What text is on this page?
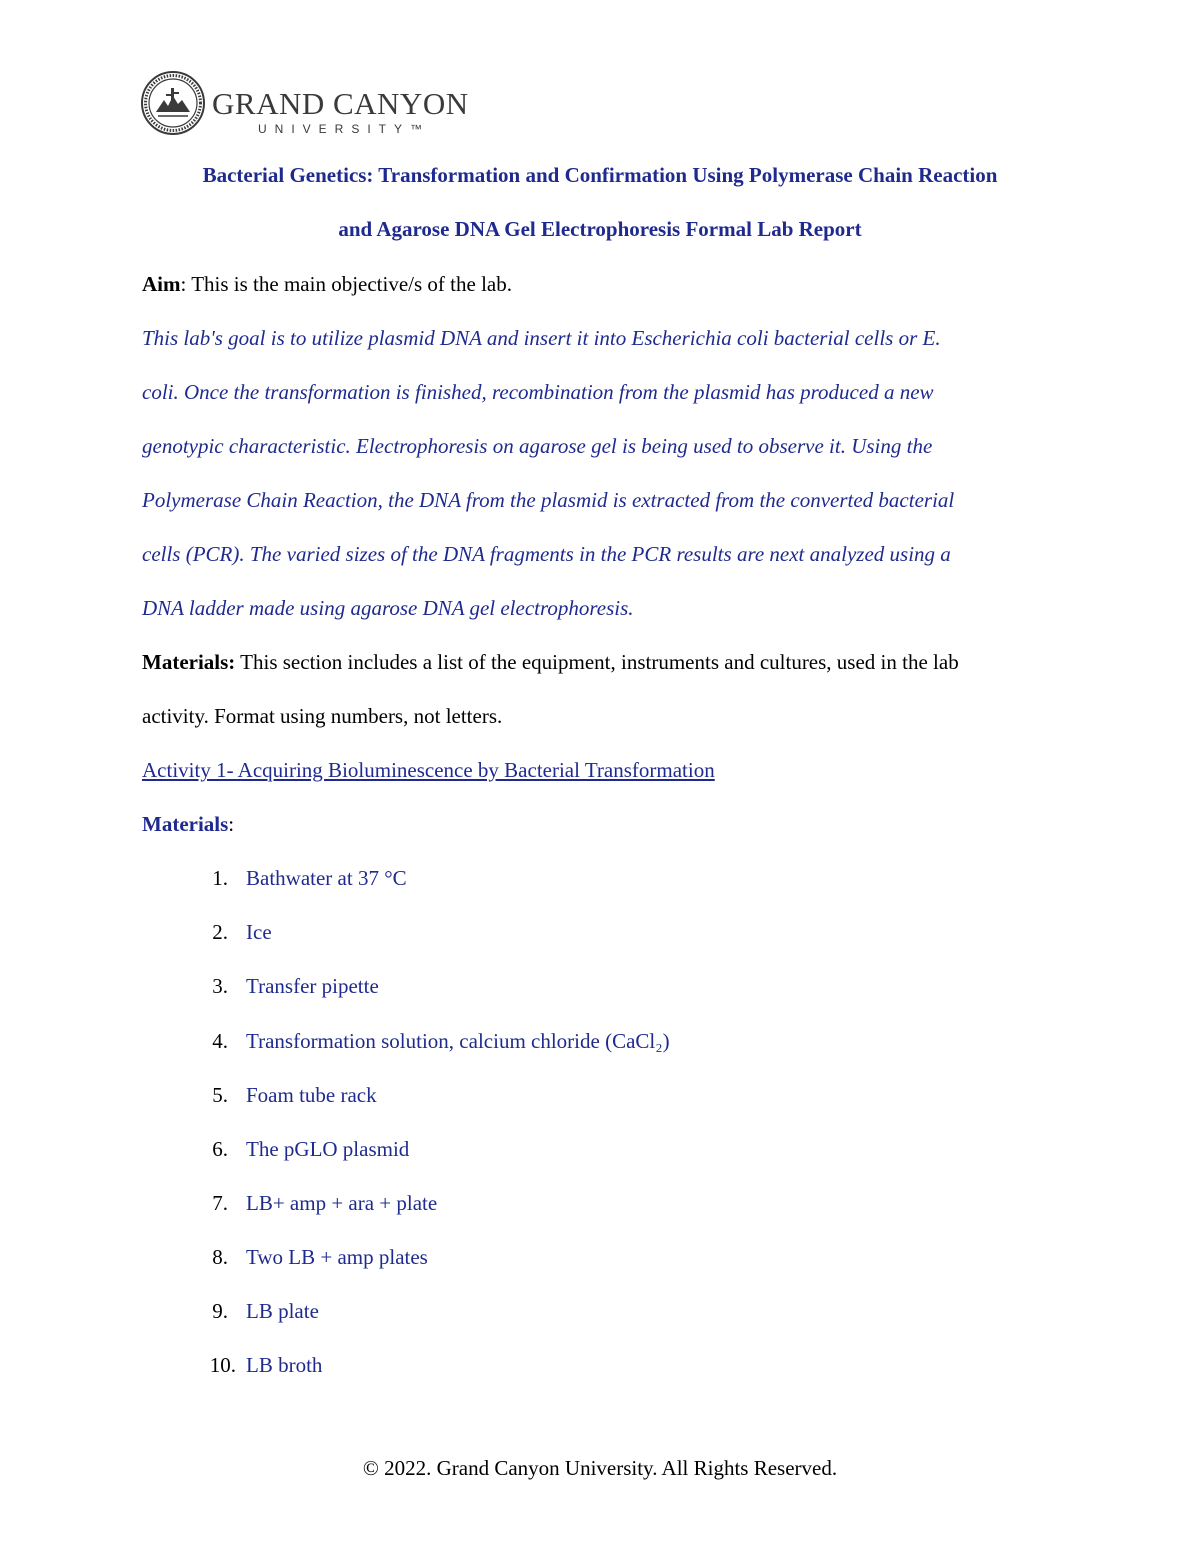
GRAND CANYON
UNIVERSITY™
Bacterial Genetics: Transformation and Confirmation Using Polymerase Chain Reaction
and Agarose DNA Gel Electrophoresis Formal Lab Report
Aim: This is the main objective/s of the lab.
This lab's goal is to utilize plasmid DNA and insert it into Escherichia coli bacterial cells or E.
coli. Once the transformation is finished, recombination from the plasmid has produced a new
genotypic characteristic. Electrophoresis on agarose gel is being used to observe it. Using the
Polymerase Chain Reaction, the DNA from the plasmid is extracted from the converted bacterial
cells (PCR). The varied sizes of the DNA fragments in the PCR results are next analyzed using a
DNA ladder made using agarose DNA gel electrophoresis.
Materials: This section includes a list of the equipment, instruments and cultures, used in the lab
activity. Format using numbers, not letters.
Activity 1- Acquiring Bioluminescence by Bacterial Transformation
Materials:
1. Bathwater at 37 °C
2. Ice
3. Transfer pipette
4. Transformation solution, calcium chloride (CaCl₂)
5. Foam tube rack
6. The pGLO plasmid
7. LB+ amp + ara + plate
8. Two LB + amp plates
9. LB plate
10. LB broth
© 2022. Grand Canyon University. All Rights Reserved.
